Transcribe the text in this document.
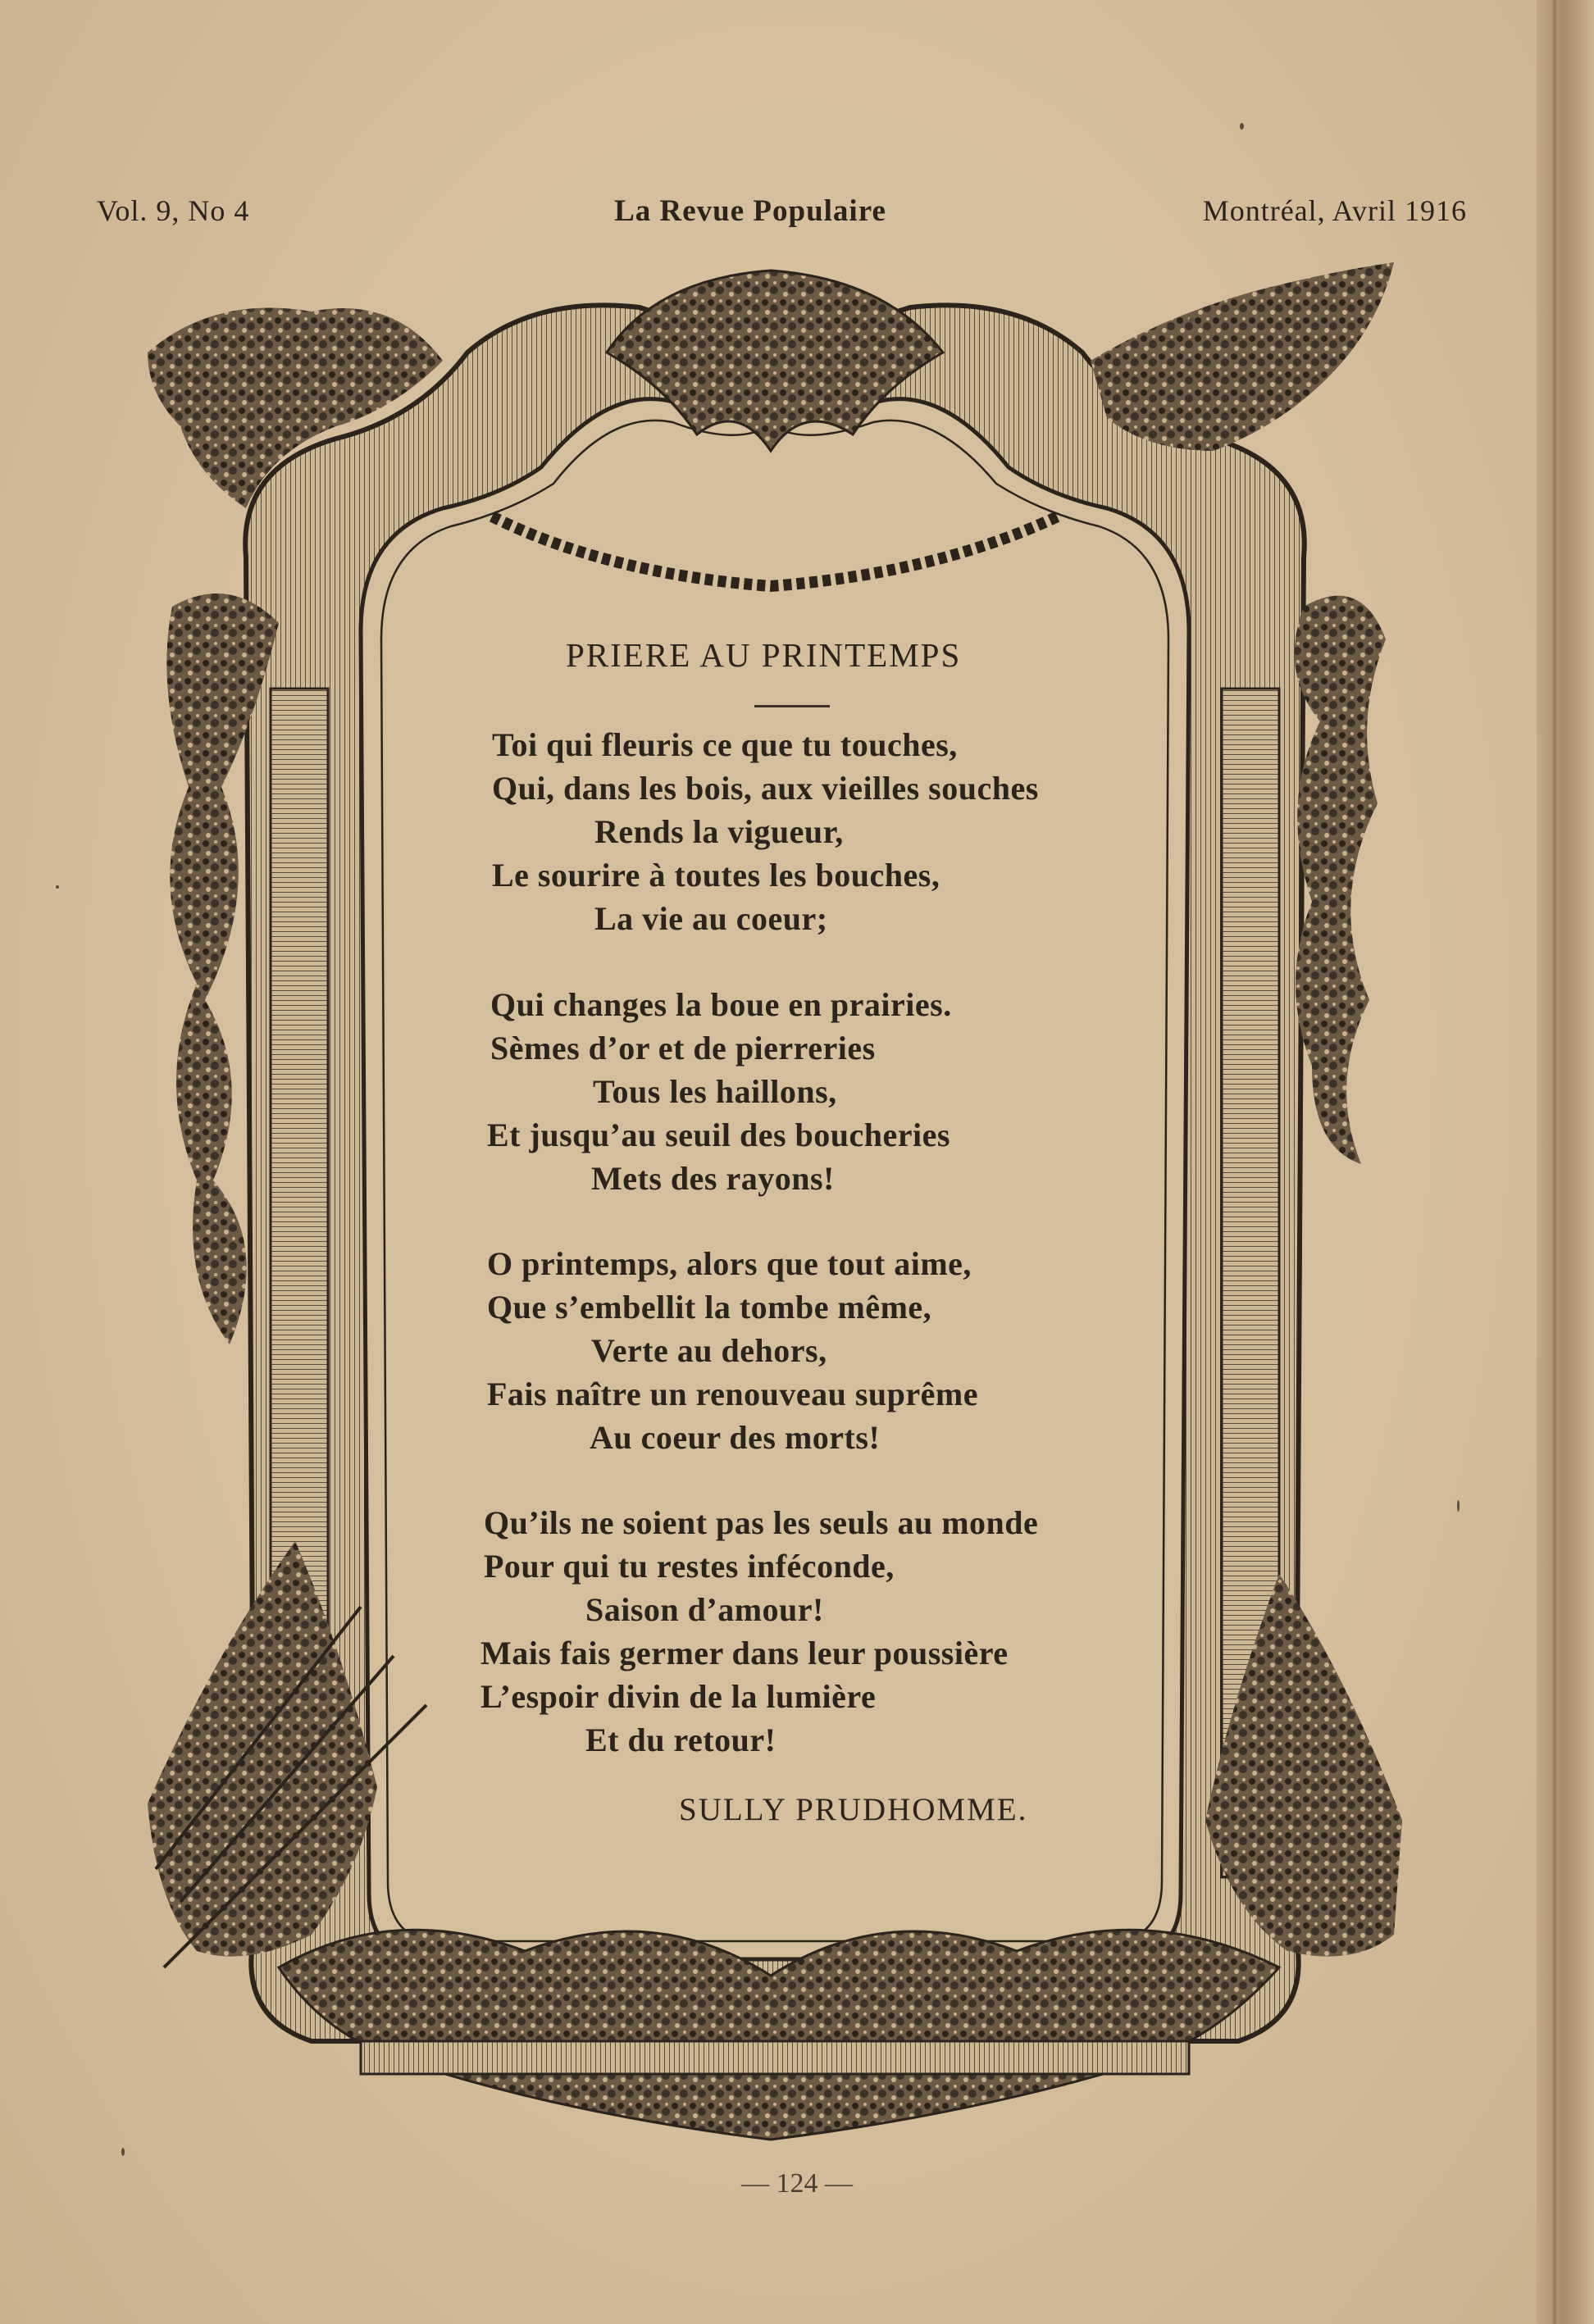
Vol. 9, No 4	La Revue Populaire	Montréal, Avril 1916
PRIERE AU PRINTEMPS
Toi qui fleuris ce que tu touches,
Qui, dans les bois, aux vieilles souches
Rends la vigueur,
Le sourire à toutes les bouches,
La vie au coeur;
Qui changes la boue en prairies.
Sèmes d’or et de pierreries
Tous les haillons,
Et jusqu’au seuil des boucheries
Mets des rayons!
O printemps, alors que tout aime,
Que s’embellit la tombe même,
Verte au dehors,
Fais naître un renouveau suprême
Au coeur des morts!
Qu’ils ne soient pas les seuls au monde
Pour qui tu restes inféconde,
Saison d’amour!
Mais fais germer dans leur poussière
L’espoir divin de la lumière
Et du retour!
SULLY PRUDHOMME.
— 124 —
